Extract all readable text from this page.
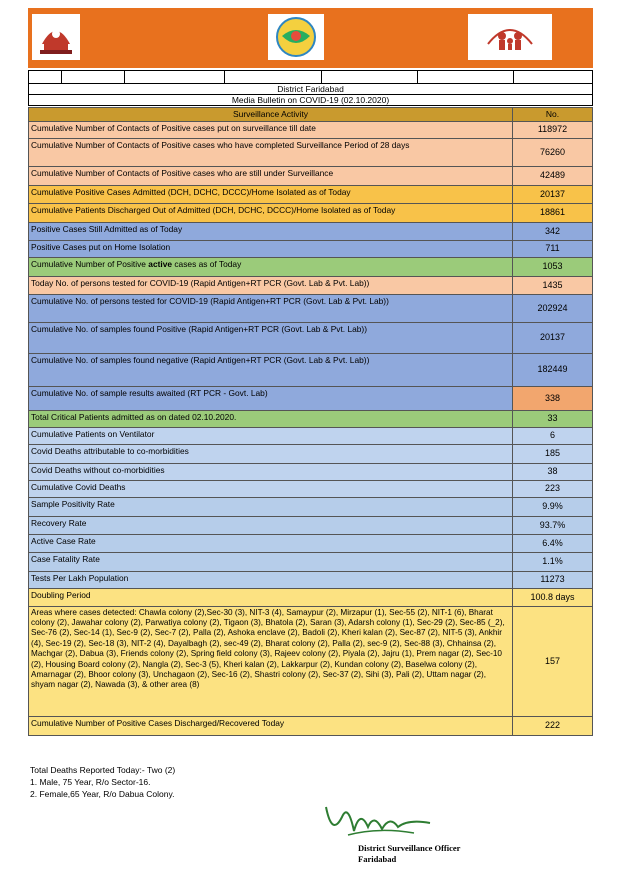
District Faridabad
Media Bulletin on COVID-19 (02.10.2020)
Surveillance Activity	No.
Cumulative Number of Contacts of Positive cases put on surveillance till date	118972
Cumulative Number of Contacts of Positive cases who have completed Surveillance Period of 28 days	76260
Cumulative Number of Contacts of Positive cases who are still under Surveillance	42489
Cumulative Positive Cases Admitted (DCH, DCHC, DCCC)/Home Isolated as of Today	20137
Cumulative Patients Discharged Out of Admitted (DCH, DCHC, DCCC)/Home Isolated as of Today	18861
Positive Cases Still Admitted as of Today	342
Positive Cases put on Home Isolation	711
Cumulative Number of Positive active cases as of Today	1053
Today No. of persons tested for COVID-19 (Rapid Antigen+RT PCR (Govt. Lab & Pvt. Lab))	1435
Cumulative No. of persons tested for COVID-19 (Rapid Antigen+RT PCR (Govt. Lab & Pvt. Lab))	202924
Cumulative No. of samples found Positive (Rapid Antigen+RT PCR (Govt. Lab & Pvt. Lab))	20137
Cumulative No. of samples found negative (Rapid Antigen+RT PCR (Govt. Lab & Pvt. Lab))	182449
Cumulative No. of sample results awaited (RT PCR - Govt. Lab)	338
Total Critical Patients admitted as on dated 02.10.2020.	33
Cumulative Patients on Ventilator	6
Covid Deaths attributable to co-morbidities	185
Covid Deaths without co-morbidities	38
Cumulative Covid Deaths	223
Sample Positivity Rate	9.9%
Recovery Rate	93.7%
Active Case Rate	6.4%
Case Fatality Rate	1.1%
Tests Per Lakh Population	11273
Doubling Period	100.8 days
Areas where cases detected: Chawla colony (2),Sec-30 (3), NIT-3 (4), Samaypur (2), Mirzapur (1), Sec-55 (2), NIT-1 (6), Bharat colony (2), Jawahar colony (2), Parwatiya colony (2), Tigaon (3), Bhatola (2), Saran (3), Adarsh colony (1), Sec-29 (2), Sec-85 (_2), Sec-76 (2), Sec-14 (1), Sec-9 (2), Sec-7 (2), Palla (2), Ashoka enclave (2), Badoli (2), Kheri kalan (2), Sec-87 (2), NIT-5 (3), Ankhir (4), Sec-19 (2), Sec-18 (3), NIT-2 (4), Dayalbagh (2), sec-49 (2), Bharat colony (2), Palla (2), sec-9 (2), Sec-88 (3), Chhainsa (2), Machgar (2), Dabua (3), Friends colony (2), Spring field colony (3), Rajeev colony (2), Piyala (2), Jajru (1), Prem nagar (2), Sec-10 (2), Housing Board colony (2), Nangla (2), Sec-3 (5), Kheri kalan (2), Lakkarpur (2), Kundan colony (2), Baselwa colony (2), Amarnagar (2), Bhoor colony (3), Unchagaon (2), Sec-16 (2), Shastri colony (2), Sec-37 (2), Sihi (3), Pali (2), Uttam nagar (2), shyam nagar (2), Nawada (3), & other area (8)	157
Cumulative Number of Positive Cases Discharged/Recovered Today	222
Total Deaths Reported Today:- Two (2)
1. Male, 75 Year, R/o Sector-16.
2. Female,65 Year, R/o Dabua Colony.
District Surveillance Officer
Faridabad
